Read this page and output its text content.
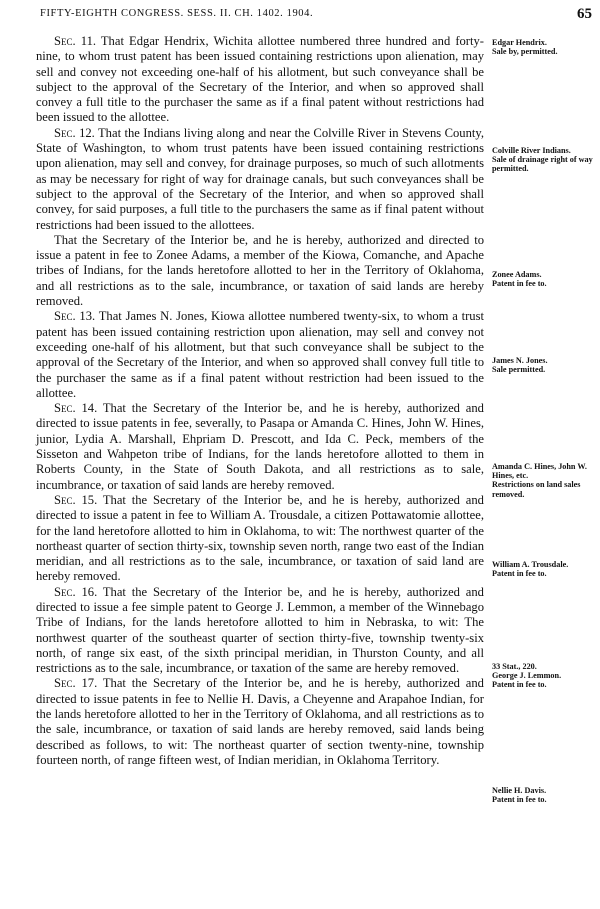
FIFTY-EIGHTH CONGRESS. SESS. II. CH. 1402. 1904.	65

Sec. 11. That Edgar Hendrix, Wichita allottee numbered three hundred and forty-nine, to whom trust patent has been issued containing restrictions upon alienation, may sell and convey not exceeding one-half of his allotment, but such conveyance shall be subject to the approval of the Secretary of the Interior, and when so approved shall convey a full title to the purchaser the same as if a final patent without restrictions had been issued to the allottee.

Sec. 12. That the Indians living along and near the Colville River in Stevens County, State of Washington, to whom trust patents have been issued containing restrictions upon alienation, may sell and convey, for drainage purposes, so much of such allotments as may be necessary for right of way for drainage canals, but such conveyances shall be subject to the approval of the Secretary of the Interior, and when so approved shall convey, for said purposes, a full title to the purchasers the same as if final patent without restrictions had been issued to the allottees.

That the Secretary of the Interior be, and he is hereby, authorized and directed to issue a patent in fee to Zonee Adams, a member of the Kiowa, Comanche, and Apache tribes of Indians, for the lands heretofore allotted to her in the Territory of Oklahoma, and all restrictions as to the sale, incumbrance, or taxation of said lands are hereby removed.

Sec. 13. That James N. Jones, Kiowa allottee numbered twenty-six, to whom a trust patent has been issued containing restriction upon alienation, may sell and convey not exceeding one-half of his allotment, but that such conveyance shall be subject to the approval of the Secretary of the Interior, and when so approved shall convey full title to the purchaser the same as if a final patent without restriction had been issued to the allottee.

Sec. 14. That the Secretary of the Interior be, and he is hereby, authorized and directed to issue patents in fee, severally, to Pasapa or Amanda C. Hines, John W. Hines, junior, Lydia A. Marshall, Ehpriam D. Prescott, and Ida C. Peck, members of the Sisseton and Wahpeton tribe of Indians, for the lands heretofore allotted to them in Roberts County, in the State of South Dakota, and all restrictions as to sale, incumbrance, or taxation of said lands are hereby removed.

Sec. 15. That the Secretary of the Interior be, and he is hereby, authorized and directed to issue a patent in fee to William A. Trousdale, a citizen Pottawatomie allottee, for the land heretofore allotted to him in Oklahoma, to wit: The northwest quarter of the northeast quarter of section thirty-six, township seven north, range two east of the Indian meridian, and all restrictions as to the sale, incumbrance, or taxation of said land are hereby removed.

Sec. 16. That the Secretary of the Interior be, and he is hereby, authorized and directed to issue a fee simple patent to George J. Lemmon, a member of the Winnebago Tribe of Indians, for the lands heretofore allotted to him in Nebraska, to wit: The northwest quarter of the southeast quarter of section thirty-five, township twenty-six north, of range six east, of the sixth principal meridian, in Thurston County, and all restrictions as to the sale, incumbrance, or taxation of the same are hereby removed.

Sec. 17. That the Secretary of the Interior be, and he is hereby, authorized and directed to issue patents in fee to Nellie H. Davis, a Cheyenne and Arapahoe Indian, for the lands heretofore allotted to her in the Territory of Oklahoma, and all restrictions as to the sale, incumbrance, or taxation of said lands are hereby removed, said lands being described as follows, to wit: The northeast quarter of section twenty-nine, township fourteen north, of range fifteen west, of Indian meridian, in Oklahoma Territory.

Edgar Hendrix.
Sale by, permitted.
Colville River Indians.
Sale of drainage right of way permitted.
Zonee Adams.
Patent in fee to.
James N. Jones.
Sale permitted.
Amanda C. Hines, John W. Hines, etc.
Restrictions on land sales removed.
William A. Trousdale.
Patent in fee to.
33 Stat., 220.
George J. Lemmon.
Patent in fee to.
Nellie H. Davis.
Patent in fee to.
